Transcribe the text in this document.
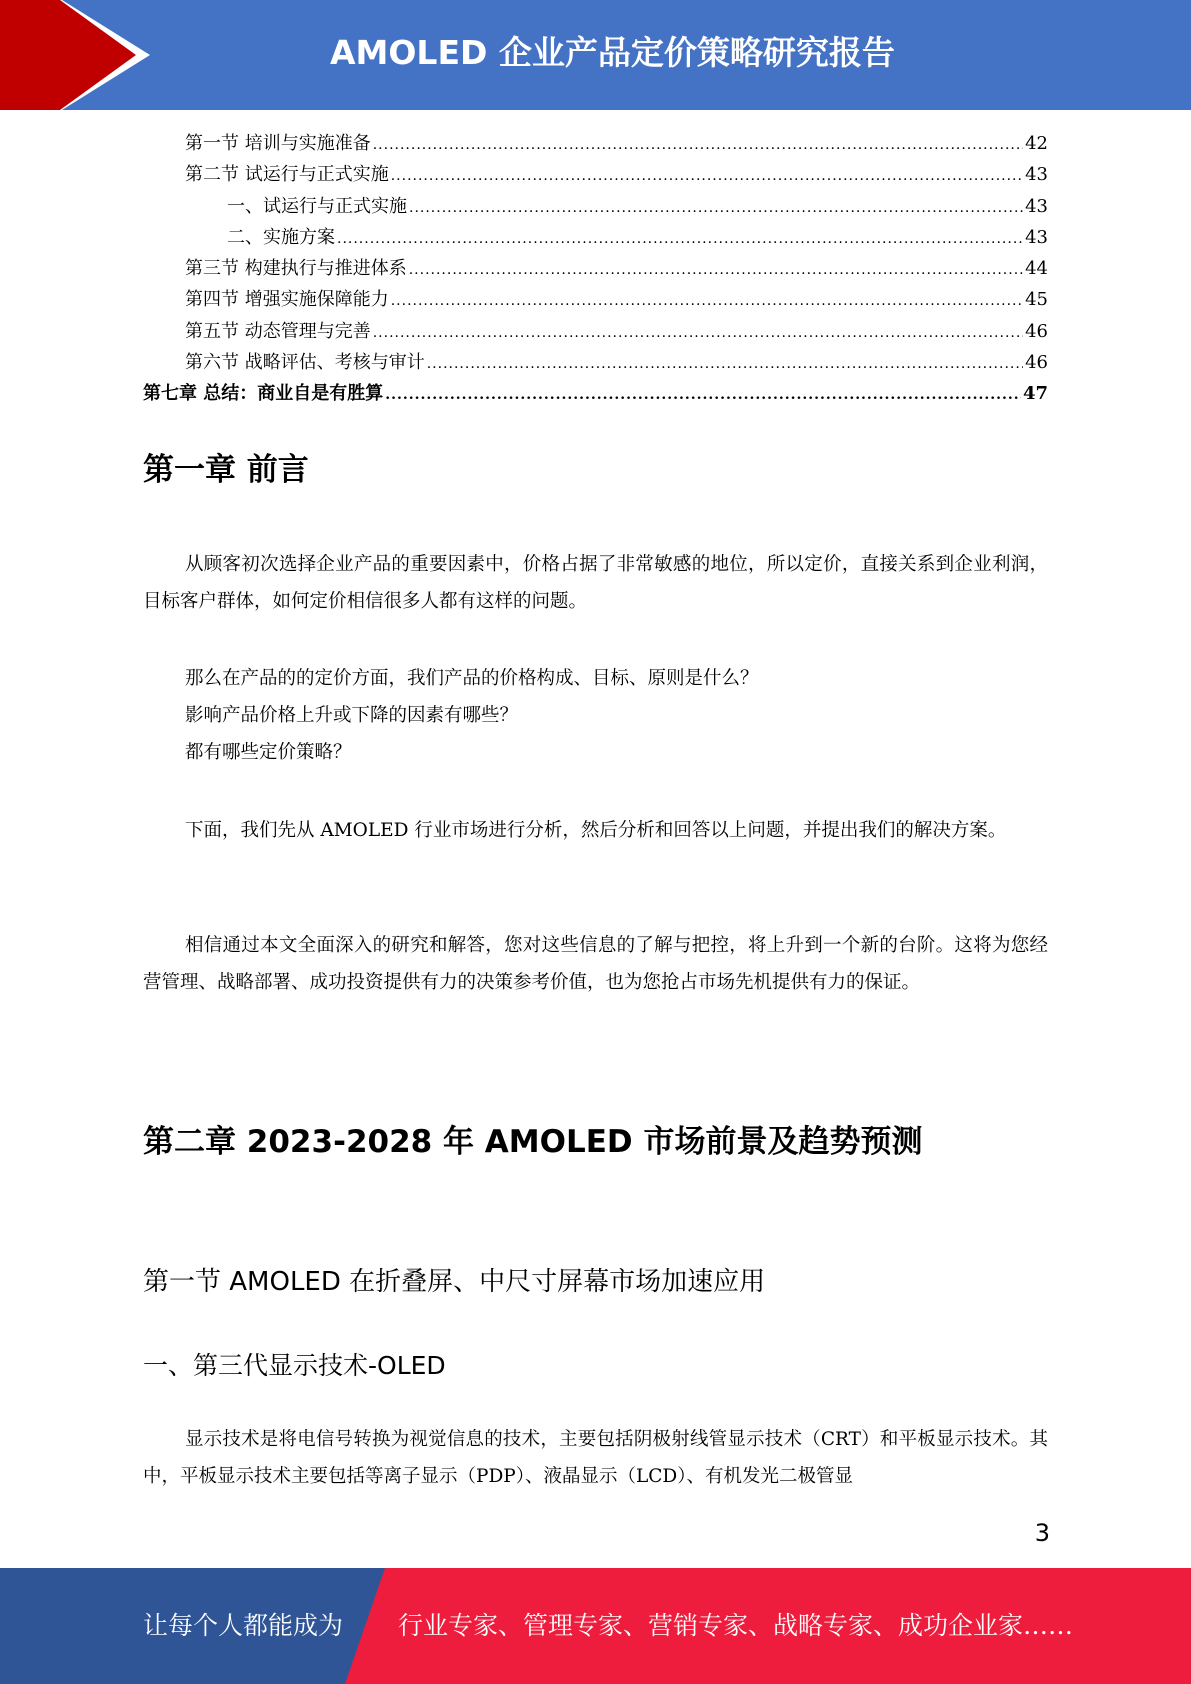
AMOLED 企业产品定价策略研究报告
第一节 培训与实施准备 .....	42
第二节 试运行与正式实施 .....	43
一、试运行与正式实施 .....	43
二、实施方案 .....	43
第三节 构建执行与推进体系 .....	44
第四节 增强实施保障能力 .....	45
第五节 动态管理与完善 .....	46
第六节 战略评估、考核与审计 .....	46
第七章 总结：商业自是有胜算 .....	47
第一章 前言

从顾客初次选择企业产品的重要因素中，价格占据了非常敏感的地位，所以定价，直接关系到企业利润，目标客户群体，如何定价相信很多人都有这样的问题。

那么在产品的的定价方面，我们产品的价格构成、目标、原则是什么？
影响产品价格上升或下降的因素有哪些？
都有哪些定价策略？

下面，我们先从 AMOLED 行业市场进行分析，然后分析和回答以上问题，并提出我们的解决方案。

相信通过本文全面深入的研究和解答，您对这些信息的了解与把控，将上升到一个新的台阶。这将为您经营管理、战略部署、成功投资提供有力的决策参考价值，也为您抢占市场先机提供有力的保证。

第二章 2023-2028 年 AMOLED 市场前景及趋势预测
第一节 AMOLED 在折叠屏、中尺寸屏幕市场加速应用
一、第三代显示技术-OLED

显示技术是将电信号转换为视觉信息的技术，主要包括阴极射线管显示技术（CRT）和平板显示技术。其中，平板显示技术主要包括等离子显示（PDP）、液晶显示（LCD）、有机发光二极管显

3
让每个人都能成为 行业专家、管理专家、营销专家、战略专家、成功企业家……
